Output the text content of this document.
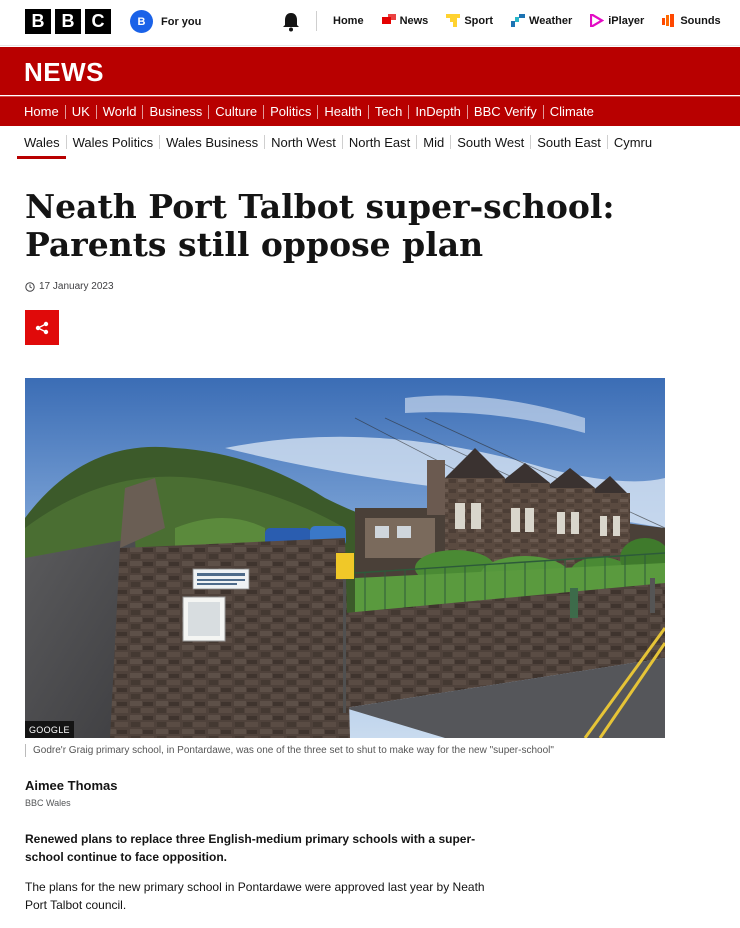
B B C	B	For you	Home	News	Sport	Weather	iPlayer	Sounds
NEWS
Home UK World Business Culture Politics Health Tech InDepth BBC Verify Climate
Wales Wales Politics Wales Business North West North East Mid South West South East Cymru
Neath Port Talbot super-school:
Parents still oppose plan
17 January 2023
GOOGLE
Godre'r Graig primary school, in Pontardawe, was one of the three set to shut to make way for the new "super-school"
Aimee Thomas
BBC Wales

Renewed plans to replace three English-medium primary schools with a super-school continue to face opposition.

The plans for the new primary school in Pontardawe were approved last year by Neath Port Talbot council.
